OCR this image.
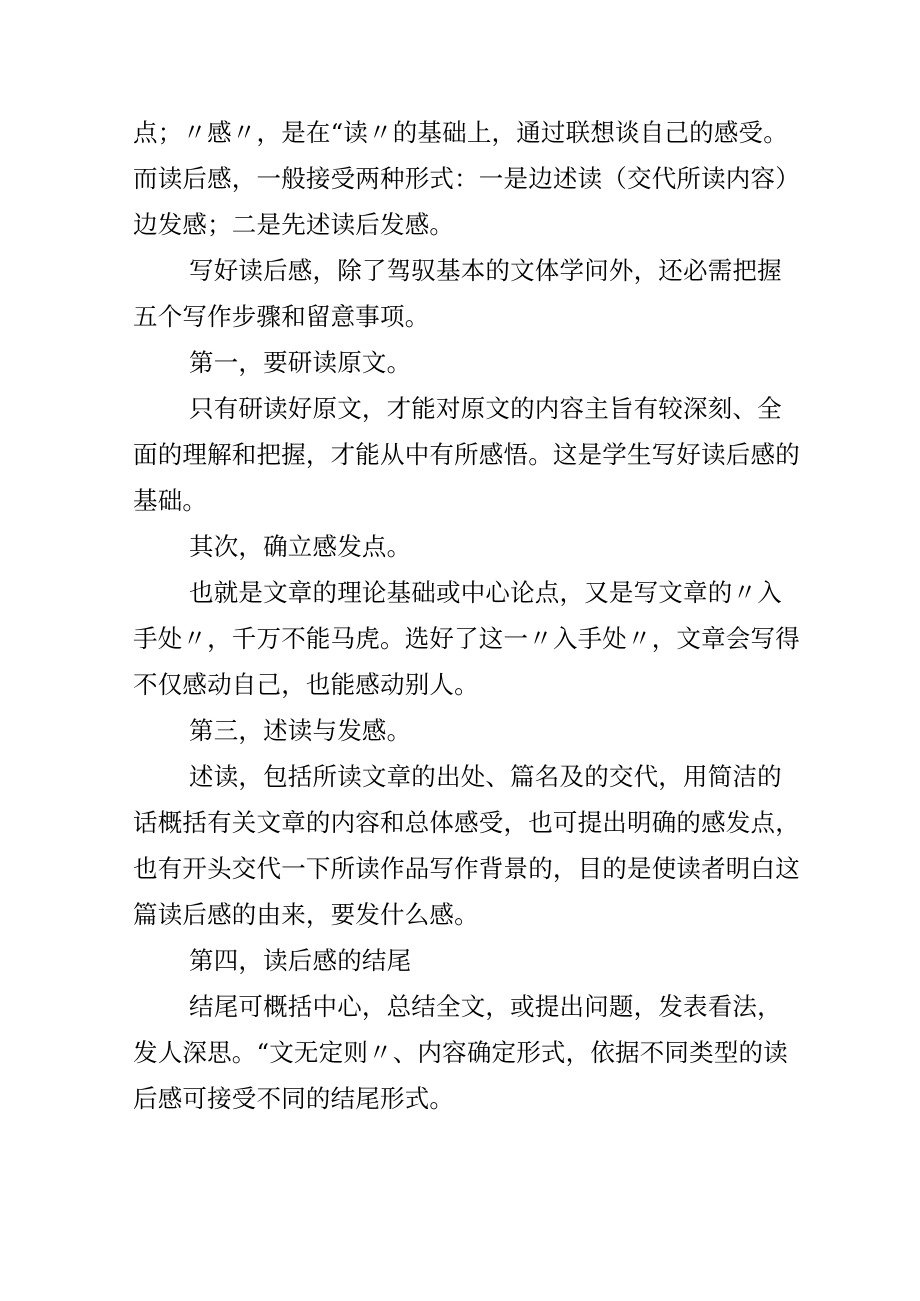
点；〃感〃，是在“读〃的基础上，通过联想谈自己的感受。
而读后感，一般接受两种形式：一是边述读（交代所读内容）
边发感；二是先述读后发感。

写好读后感，除了驾驭基本的文体学问外，还必需把握
五个写作步骤和留意事项。

第一，要研读原文。

只有研读好原文，才能对原文的内容主旨有较深刻、全
面的理解和把握，才能从中有所感悟。这是学生写好读后感的
基础。

其次，确立感发点。

也就是文章的理论基础或中心论点，又是写文章的〃入
手处〃，千万不能马虎。选好了这一〃入手处〃，文章会写得
不仅感动自己，也能感动别人。

第三，述读与发感。

述读，包括所读文章的出处、篇名及的交代，用简洁的
话概括有关文章的内容和总体感受，也可提出明确的感发点，
也有开头交代一下所读作品写作背景的，目的是使读者明白这
篇读后感的由来，要发什么感。

第四，读后感的结尾

结尾可概括中心，总结全文，或提出问题，发表看法，
发人深思。“文无定则〃、内容确定形式，依据不同类型的读
后感可接受不同的结尾形式。
